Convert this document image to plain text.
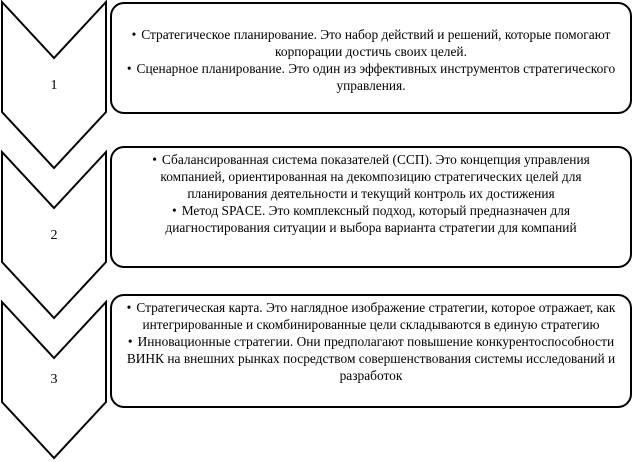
1
2
3

• Стратегическое планирование. Это набор действий и решений, которые помогают корпорации достичь своих целей.

• Сценарное планирование. Это один из эффективных инструментов стратегического управления.

• Сбалансированная система показателей (ССП). Это концепция управления компанией, ориентированная на декомпозицию стратегических целей для планирования деятельности и текущий контроль их достижения

• Метод SPACE. Это комплексный подход, который предназначен для диагностирования ситуации и выбора варианта стратегии для компаний

• Стратегическая карта. Это наглядное изображение стратегии, которое отражает, как интегрированные и скомбинированные цели складываются в единую стратегию

• Инновационные стратегии. Они предполагают повышение конкурентоспособности ВИНК на внешних рынках посредством совершенствования системы исследований и разработок
